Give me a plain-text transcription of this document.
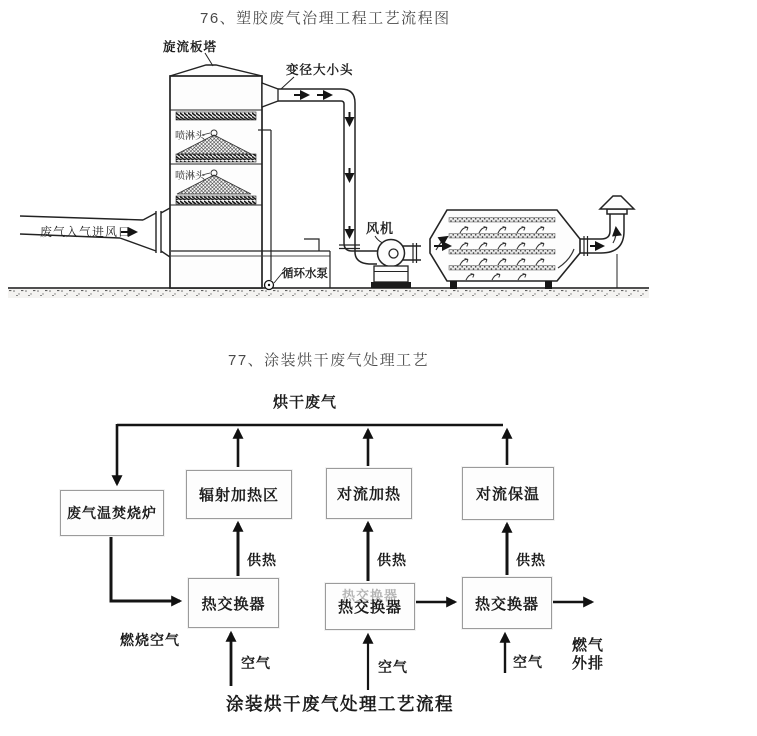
76、塑胶废气治理工程工艺流程图
废气入气进风口
旋流板塔
喷淋头
喷淋头
循环水泵
变径大小头
风机
77、涂装烘干废气处理工艺
烘干废气
废气温焚烧炉
辐射加热区	对流加热	对流保温
热交换器	热交换器
热交换器	热交换器
供热	供热	供热
燃烧空气
空气	空气	空气
燃气
外排
涂装烘干废气处理工艺流程
